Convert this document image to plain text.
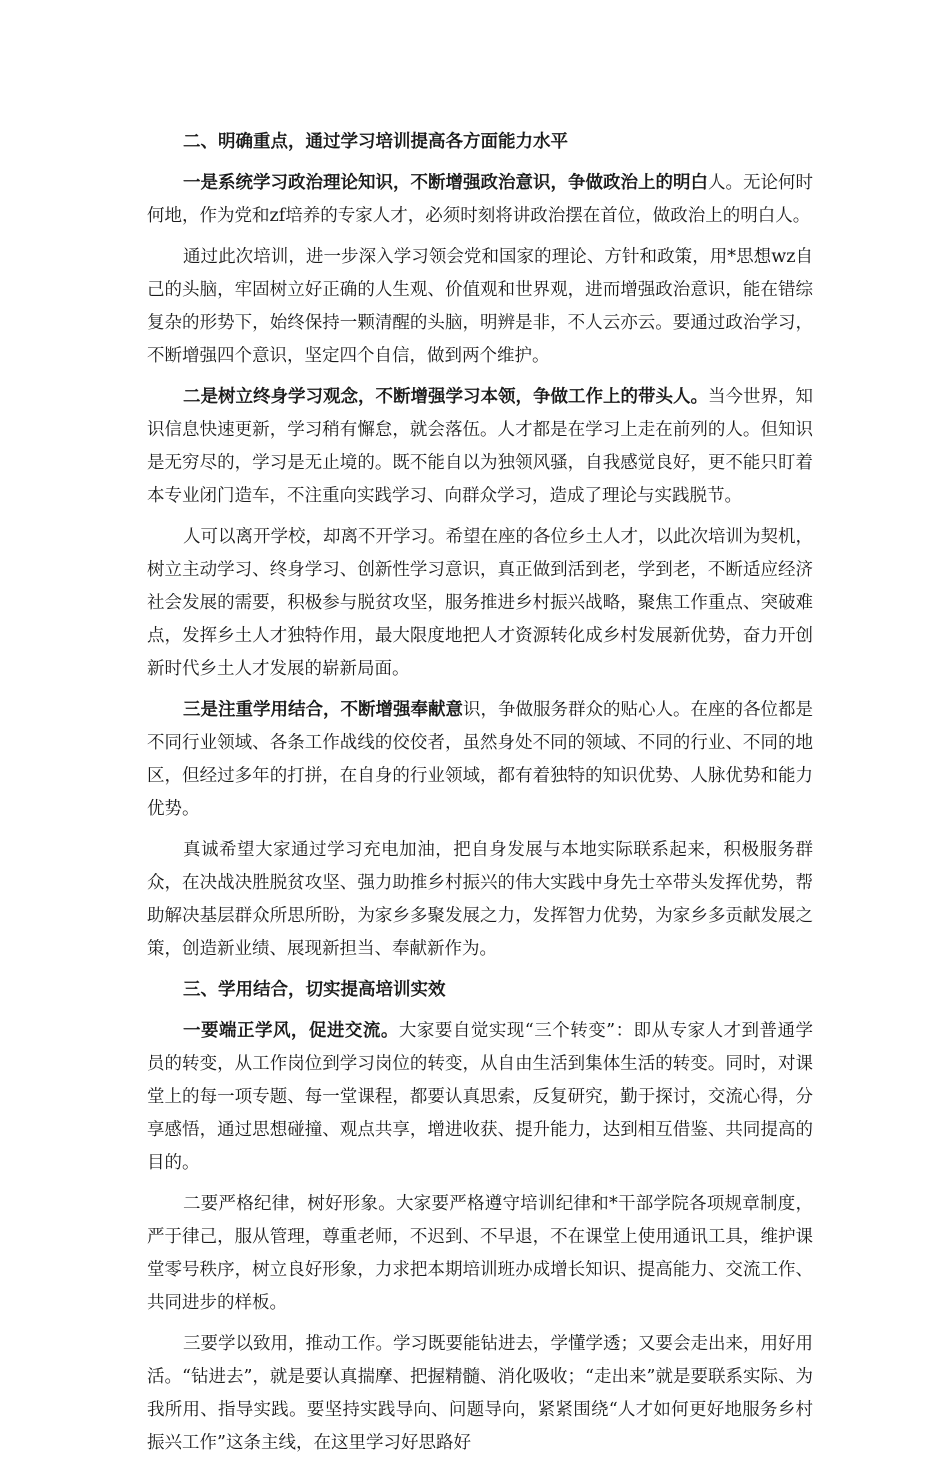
二、明确重点，通过学习培训提高各方面能力水平

一是系统学习政治理论知识，不断增强政治意识，争做政治上的明白人。无论何时何地，作为党和zf培养的专家人才，必须时刻将讲政治摆在首位，做政治上的明白人。

通过此次培训，进一步深入学习领会党和国家的理论、方针和政策，用*思想wz自己的头脑，牢固树立好正确的人生观、价值观和世界观，进而增强政治意识，能在错综复杂的形势下，始终保持一颗清醒的头脑，明辨是非，不人云亦云。要通过政治学习，不断增强四个意识，坚定四个自信，做到两个维护。

二是树立终身学习观念，不断增强学习本领，争做工作上的带头人。当今世界，知识信息快速更新，学习稍有懈怠，就会落伍。人才都是在学习上走在前列的人。但知识是无穷尽的，学习是无止境的。既不能自以为独领风骚，自我感觉良好，更不能只盯着本专业闭门造车，不注重向实践学习、向群众学习，造成了理论与实践脱节。

人可以离开学校，却离不开学习。希望在座的各位乡土人才，以此次培训为契机，树立主动学习、终身学习、创新性学习意识，真正做到活到老，学到老，不断适应经济社会发展的需要，积极参与脱贫攻坚，服务推进乡村振兴战略，聚焦工作重点、突破难点，发挥乡土人才独特作用，最大限度地把人才资源转化成乡村发展新优势，奋力开创新时代乡土人才发展的崭新局面。

三是注重学用结合，不断增强奉献意识，争做服务群众的贴心人。在座的各位都是不同行业领域、各条工作战线的佼佼者，虽然身处不同的领域、不同的行业、不同的地区，但经过多年的打拼，在自身的行业领域，都有着独特的知识优势、人脉优势和能力优势。

真诚希望大家通过学习充电加油，把自身发展与本地实际联系起来，积极服务群众，在决战决胜脱贫攻坚、强力助推乡村振兴的伟大实践中身先士卒带头发挥优势，帮助解决基层群众所思所盼，为家乡多聚发展之力，发挥智力优势，为家乡多贡献发展之策，创造新业绩、展现新担当、奉献新作为。

三、学用结合，切实提高培训实效

一要端正学风，促进交流。大家要自觉实现“三个转变”：即从专家人才到普通学员的转变，从工作岗位到学习岗位的转变，从自由生活到集体生活的转变。同时，对课堂上的每一项专题、每一堂课程，都要认真思索，反复研究，勤于探讨，交流心得，分享感悟，通过思想碰撞、观点共享，增进收获、提升能力，达到相互借鉴、共同提高的目的。

二要严格纪律，树好形象。大家要严格遵守培训纪律和*干部学院各项规章制度，严于律己，服从管理，尊重老师，不迟到、不早退，不在课堂上使用通讯工具，维护课堂零号秩序，树立良好形象，力求把本期培训班办成增长知识、提高能力、交流工作、共同进步的样板。

三要学以致用，推动工作。学习既要能钻进去，学懂学透；又要会走出来，用好用活。“钻进去”，就是要认真揣摩、把握精髓、消化吸收；“走出来”就是要联系实际、为我所用、指导实践。要坚持实践导向、问题导向，紧紧围绕“人才如何更好地服务乡村振兴工作”这条主线，在这里学习好思路好
